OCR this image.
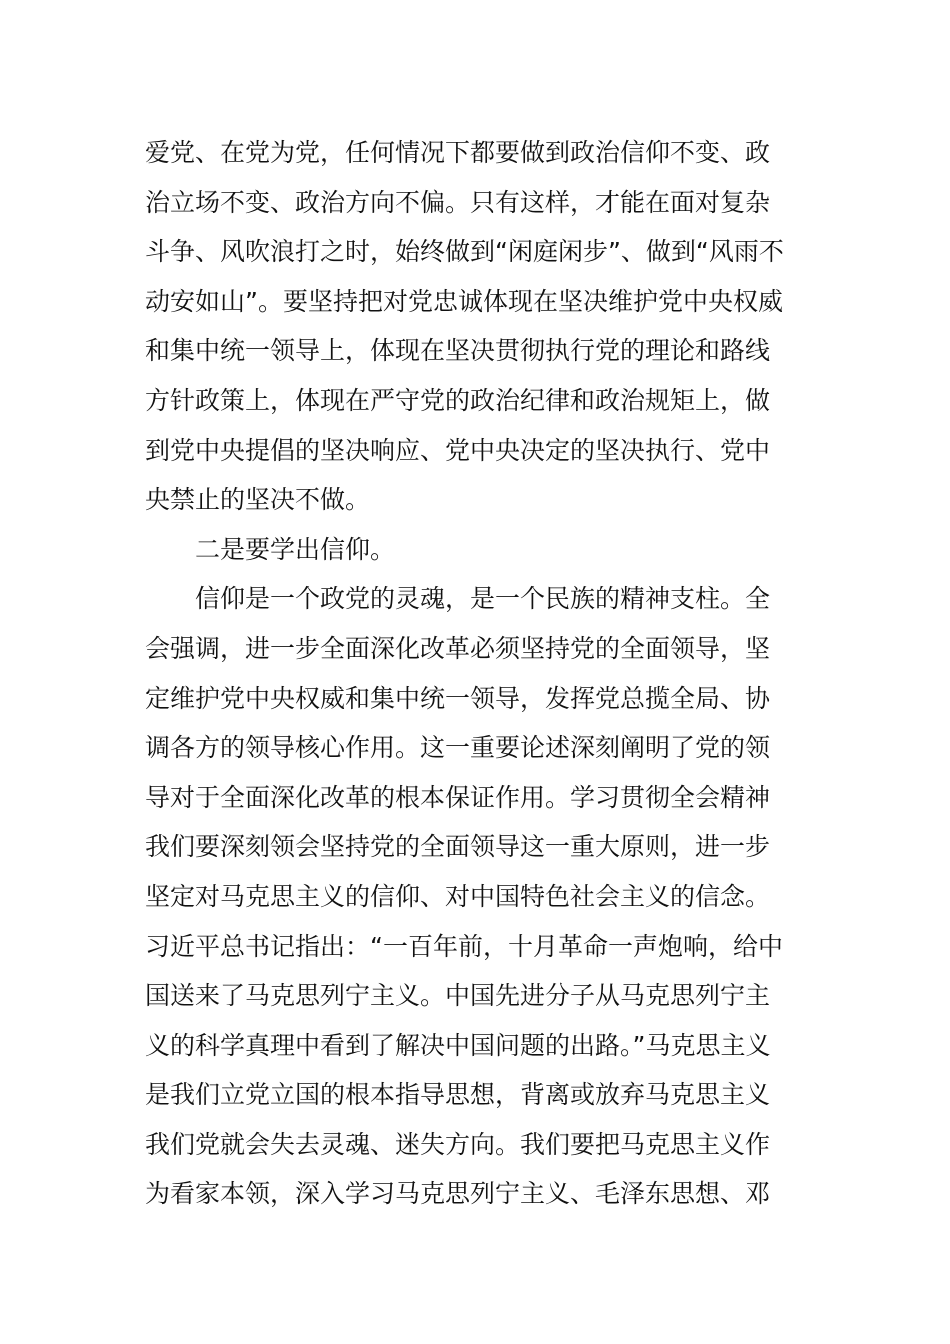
爱党、在党为党，任何情况下都要做到政治信仰不变、政
治立场不变、政治方向不偏。只有这样，才能在面对复杂
斗争、风吹浪打之时，始终做到“闲庭闲步”、做到“风雨不
动安如山”。要坚持把对党忠诚体现在坚决维护党中央权威
和集中统一领导上，体现在坚决贯彻执行党的理论和路线
方针政策上，体现在严守党的政治纪律和政治规矩上，做
到党中央提倡的坚决响应、党中央决定的坚决执行、党中
央禁止的坚决不做。
二是要学出信仰。
信仰是一个政党的灵魂，是一个民族的精神支柱。全
会强调，进一步全面深化改革必须坚持党的全面领导，坚
定维护党中央权威和集中统一领导，发挥党总揽全局、协
调各方的领导核心作用。这一重要论述深刻阐明了党的领
导对于全面深化改革的根本保证作用。学习贯彻全会精神
我们要深刻领会坚持党的全面领导这一重大原则，进一步
坚定对马克思主义的信仰、对中国特色社会主义的信念。
习近平总书记指出：“一百年前，十月革命一声炮响，给中
国送来了马克思列宁主义。中国先进分子从马克思列宁主
义的科学真理中看到了解决中国问题的出路。”马克思主义
是我们立党立国的根本指导思想，背离或放弃马克思主义
我们党就会失去灵魂、迷失方向。我们要把马克思主义作
为看家本领，深入学习马克思列宁主义、毛泽东思想、邓
